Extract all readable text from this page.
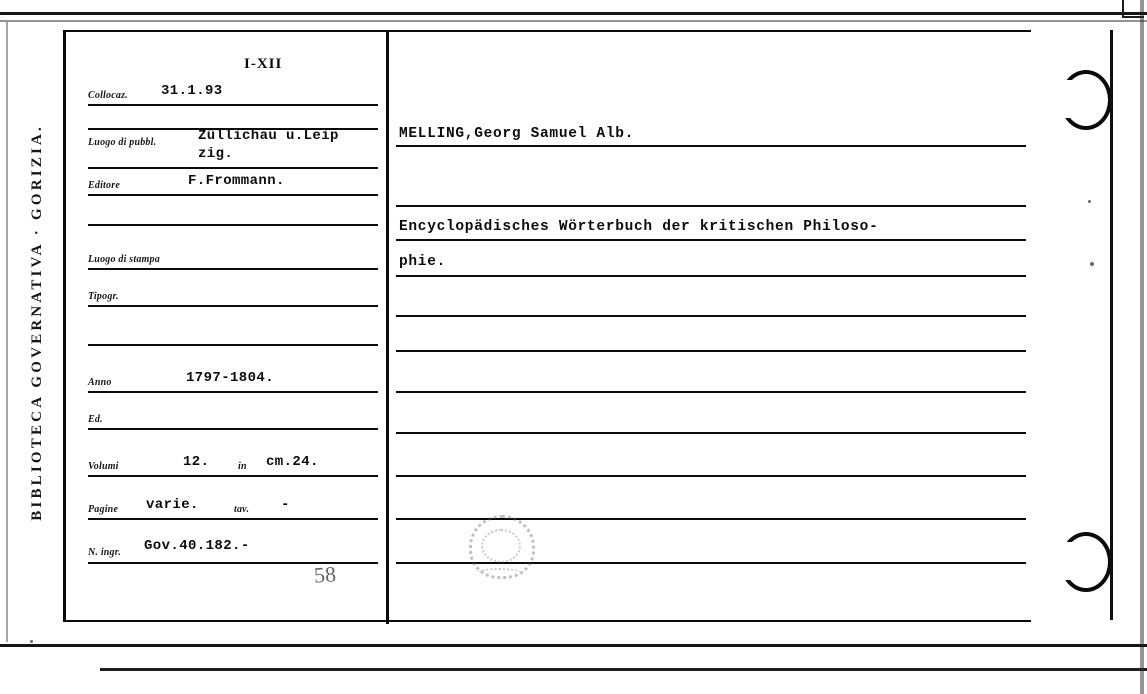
BIBLIOTECA GOVERNATIVA · GORIZIA.
Collocaz. 31.1.93
I-XII
Luogo di pubbl.	Züllichau u.Leip
zig.
Editore	F.Frommann.
Luogo di stampa
Tipogr.
Anno	1797-1804.
Ed.
Volumi	12.	in cm.24.
Pagine varie.	tav. -
N. ingr. Gov.40.182.-
58
MELLING,Georg Samuel Alb.
Encyclopädisches Wörterbuch der kritischen Philoso-
phie.
